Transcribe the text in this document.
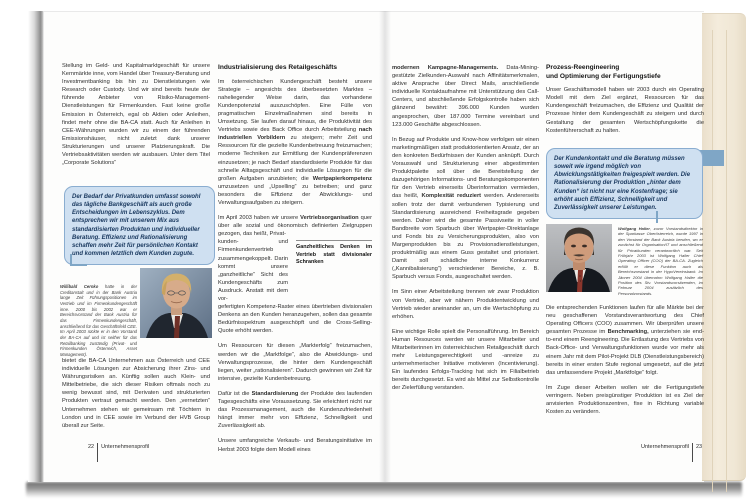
Stellung im Geld- und Kapitalmarktgeschäft für unsere Kernmärkte inne, vom Handel über Treasury-Beratung und Investmentbanking bis hin zu Dienstleistungen wie Research oder Custody. Und wir sind bereits heute der führende Anbieter von Risiko-Management-Dienstleistungen für Firmenkunden. Fast keine große Emission in Österreich, egal ob Aktien oder Anleihen, findet mehr ohne die BA-CA statt. Auch für Anleihen in CEE-Währungen wurden wir zu einem der führenden Emissionshäuser, nicht zuletzt dank unserer Strukturierungen und unserer Platzierungskraft. Die Vertriebsaktivitäten werden wir ausbauen. Unter dem Titel „Corporate Solutions“
Der Bedarf der Privatkunden umfasst sowohl das tägliche Bankgeschäft als auch große Entscheidungen im Lebenszyklus. Dem entsprechen wir mit unserem Mix aus standardisierten Produkten und individueller Beratung. Effizienz und Rationalisierung schaffen mehr Zeit für persönlichen Kontakt und kommen letztlich dem Kunden zugute.
Willibald Cernko hatte in der Creditanstalt und in der Bank Austria lange Zeit Führungspositionen im Vertrieb und im Firmenkundengeschäft inne. 2000 bis 2002 war er Bereichsvorstand der Bank Austria für das Firmenkundengeschäft, anschließend für das Geschäftsfeld CEE. Im April 2003 rückte er in den Vorstand der BA-CA auf und ist seither für das Retailbanking zuständig (Privat- und Firmenkunden Österreich, Asset Management).
bietet die BA-CA Unternehmen aus Österreich und CEE individuelle Lösungen zur Absicherung ihrer Zins- und Währungsrisiken an. Künftig sollen auch Klein- und Mittelbetriebe, die sich dieser Risiken oftmals noch zu wenig bewusst sind, mit Derivaten und strukturierten Produkten vertraut gemacht werden. Den „vernetzten“ Unternehmen stehen wir gemeinsam mit Töchtern in London und in CEE sowie im Verbund der HVB Group überall zur Seite.
Industrialisierung des Retailgeschäfts
Im österreichischen Kundengeschäft besteht unsere Strategie – angesichts des überbesetzten Marktes – naheliegender Weise darin, das vorhandene Kundenpotenzial auszuschöpfen. Eine Fülle von pragmatischen Einzelmaßnahmen sind bereits in Umsetzung. Sie laufen darauf hinaus, die Produktivität des Vertriebs sowie des Back Office durch Arbeitsteilung nach industriellen Vorbildern zu steigern; mehr Zeit und Ressourcen für die gezielte Kundenbetreuung freizumachen; moderne Techniken zur Ermittlung der Kundenpräferenzen einzusetzen; je nach Bedarf standardisierte Produkte für das schnelle Alltagsgeschäft und individuelle Lösungen für die großen Aufgaben anzubieten; die Wertpapierkompetenz umzusetzen und „Upselling“ zu betreiben; und ganz besonders die Effizienz der Abwicklungs- und Verwaltungsaufgaben zu steigern.
Im April 2003 haben wir unsere Vertriebsorganisation quer über alle sozial und ökonomisch definierten Zielgruppen gezogen, das heißt, Privat-
kunden- und Firmenkundenvertrieb zusammengekoppelt. Darin kommt unsere „ganzheitliche“ Sicht des Kundengeschäfts zum Ausdruck. Anstatt mit dem vor-
Ganzheitliches Denken im Vertrieb statt divisionaler Schranken
gefertigten Kompetenz-Raster eines übertrieben divisionalen Denkens an den Kunden heranzugehen, sollen das gesamte Bedürfnisspektrum ausgeschöpft und die Cross-Selling-Quote erhöht werden.
Um Ressourcen für diesen „Markterfolg“ freizumachen, werden wir die „Marktfolge“, also die Abwicklungs- und Verwaltungsprozesse, die hinter dem Kundengeschäft liegen, weiter „rationalisieren“. Dadurch gewinnen wir Zeit für intensive, gezielte Kundenbetreuung.
Dafür ist die Standardisierung der Produkte des laufenden Tagesgeschäfts eine Voraussetzung. Sie erleichtert nicht nur das Prozessmanagement, auch die Kundenzufriedenheit hängt immer mehr von Effizienz, Schnelligkeit und Zuverlässigkeit ab.
Unsere umfangreiche Verkaufs- und Beratungsinitiative im Herbst 2003 folgte dem Modell eines
22 Unternehmensprofil
modernen Kampagne-Managements. Data-Mining-gestützte Zielkunden-Auswahl nach Affinitätsmerkmalen, aktive Ansprache über Direct Mails, anschließende individuelle Kontaktaufnahme mit Unterstützung des Call-Centers, und abschließende Erfolgskontrolle haben sich glänzend bewährt: 396.000 Kunden wurden angesprochen, über 187.000 Termine vereinbart und 123.000 Geschäfte abgeschlossen.
In Bezug auf Produkte und Know-how verfolgen wir einen marketingmäßigen statt produktorientierten Ansatz, der an den konkreten Bedürfnissen der Kunden anknüpft. Durch Vorauswahl und Strukturierung einer abgestimmten Produktpalette soll über die Bereitstellung der dazugehörigen Informations- und Beratungskomponenten für den Vertrieb einerseits Überinformation vermieden, das heißt, Komplexität reduziert werden. Andererseits sollen trotz der damit verbundenen Typisierung und Standardisierung ausreichend Freiheitsgrade gegeben werden. Daher wird die gesamte Passivseite in voller Bandbreite vom Sparbuch über Wertpapier-Direktanlage und Fonds bis zu Versicherungsprodukten, also von Margenprodukten bis zu Provisionsdienstleistungen, produktmäßig aus einem Guss gestaltet und priorisiert. Damit soll schädliche interne Konkurrenz („Kannibalisierung“) verschiedener Bereiche, z. B. Sparbuch versus Fonds, ausgeschaltet werden.
Im Sinn einer Arbeitsteilung trennen wir zwar Produktion von Vertrieb, aber wir nähern Produktentwicklung und Vertrieb wieder aneinander an, um die Wertschöpfung zu erhöhen.
Eine wichtige Rolle spielt die Personalführung. Im Bereich Human Resources werden wir unsere Mitarbeiter und Mitarbeiterinnen im österreichischen Retailgeschäft durch mehr Leistungsgerechtigkeit und -anreize zu unternehmerischer Initiative motivieren (Incentivierung). Ein laufendes Erfolgs-Tracking hat sich im Filialbetrieb bereits durchgesetzt. Es wird als Mittel zur Selbstkontrolle der Zielerfüllung verstanden.
Prozess-Reengineering
und Optimierung der Fertigungstiefe
Unser Geschäftsmodell haben wir 2003 durch ein Operating Modell mit dem Ziel ergänzt, Ressourcen für das Kundengeschäft freizumachen, die Effizienz und Qualität der Prozesse hinter dem Kundengeschäft zu steigern und durch Gestaltung der gesamten Wertschöpfungskette die Kostenführerschaft zu halten.
Der Kundenkontakt und die Beratung müssen soweit wie irgend möglich von Abwicklungstätigkeiten freigespielt werden. Die Rationalisierung der Produktion „hinter dem Kunden“ ist nicht nur eine Kostenfrage; sie erhöht auch Effizienz, Schnelligkeit und Zuverlässigkeit unserer Leistungen.
Wolfgang Haller, zuvor Vorstandsdirektor in der Sparkasse Oberösterreich, wurde 1997 in den Vorstand der Bank Austria berufen, wo er zunächst für Organisation/IT und anschließend für Privatkunden verantwortlich war. Seit Frühjahr 2003 ist Wolfgang Haller Chief Operating Officer (COO) der BA-CA. Zugleich erfüllt er diese Funktion auch als Bereichsvorstand in der HypoVereinsbank. Im Jänner 2004 übernahm Wolfgang Haller die Position des Stv. Vorstandsvorsitzenden, im Februar 2004 zusätzlich des Personalvorstands.
Die entsprechenden Funktionen laufen für alle Märkte bei der neu geschaffenen Vorstandsverantwortung des Chief Operating Officers (COO) zusammen. Wir überprüfen unsere gesamten Prozesse im Benchmarking, unterziehen sie end-to-end einem Reengineering. Die Entlastung des Vertriebs von Back-Office- und Verwaltungsfunktionen wurde vor mehr als einem Jahr mit dem Pilot-Projekt DLB (Dienstleistungsbereich) bereits in einer ersten Stufe regional umgesetzt, auf die jetzt das umfassendere Projekt „Marktfolge“ folgt.
Im Zuge dieser Arbeiten wollen wir die Fertigungstiefe verringern. Neben preisgünstiger Produktion ist es Ziel der anvisierten Produktionszentren, fixe in Richtung variable Kosten zu verändern.
Unternehmensprofil 23
